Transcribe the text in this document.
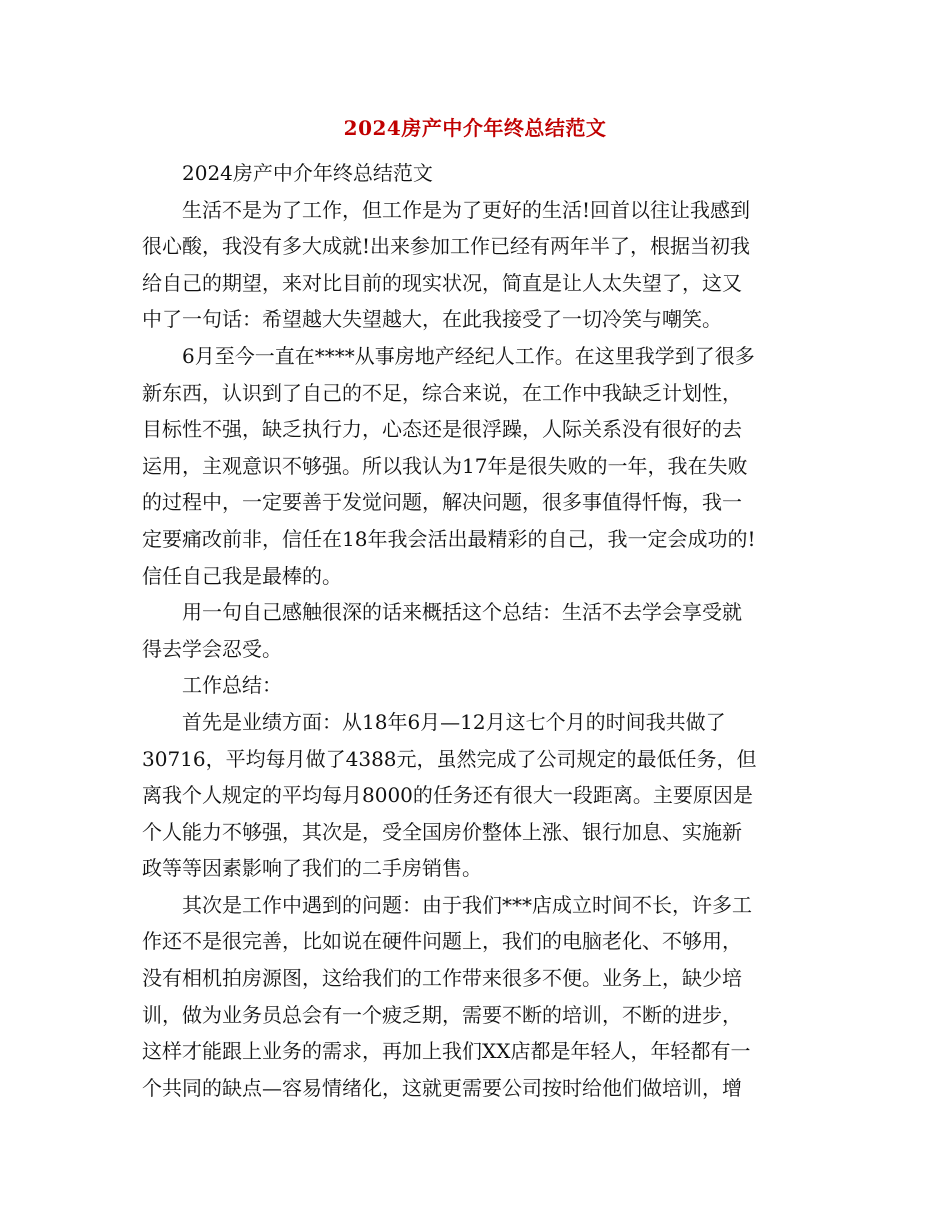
2024房产中介年终总结范文

2024房产中介年终总结范文

生活不是为了工作，但工作是为了更好的生活!回首以往让我感到
很心酸，我没有多大成就!出来参加工作已经有两年半了，根据当初我
给自己的期望，来对比目前的现实状况，简直是让人太失望了，这又
中了一句话：希望越大失望越大，在此我接受了一切冷笑与嘲笑。

6月至今一直在****从事房地产经纪人工作。在这里我学到了很多
新东西，认识到了自己的不足，综合来说，在工作中我缺乏计划性，
目标性不强，缺乏执行力，心态还是很浮躁，人际关系没有很好的去
运用，主观意识不够强。所以我认为17年是很失败的一年，我在失败
的过程中，一定要善于发觉问题，解决问题，很多事值得忏悔，我一
定要痛改前非，信任在18年我会活出最精彩的自己，我一定会成功的!
信任自己我是最棒的。

用一句自己感触很深的话来概括这个总结：生活不去学会享受就
得去学会忍受。

工作总结：

首先是业绩方面：从18年6月—12月这七个月的时间我共做了
30716，平均每月做了4388元，虽然完成了公司规定的最低任务，但
离我个人规定的平均每月8000的任务还有很大一段距离。主要原因是
个人能力不够强，其次是，受全国房价整体上涨、银行加息、实施新
政等等因素影响了我们的二手房销售。

其次是工作中遇到的问题：由于我们***店成立时间不长，许多工
作还不是很完善，比如说在硬件问题上，我们的电脑老化、不够用，
没有相机拍房源图，这给我们的工作带来很多不便。业务上，缺少培
训，做为业务员总会有一个疲乏期，需要不断的培训，不断的进步，
这样才能跟上业务的需求，再加上我们XX店都是年轻人，年轻都有一
个共同的缺点—容易情绪化，这就更需要公司按时给他们做培训，增
